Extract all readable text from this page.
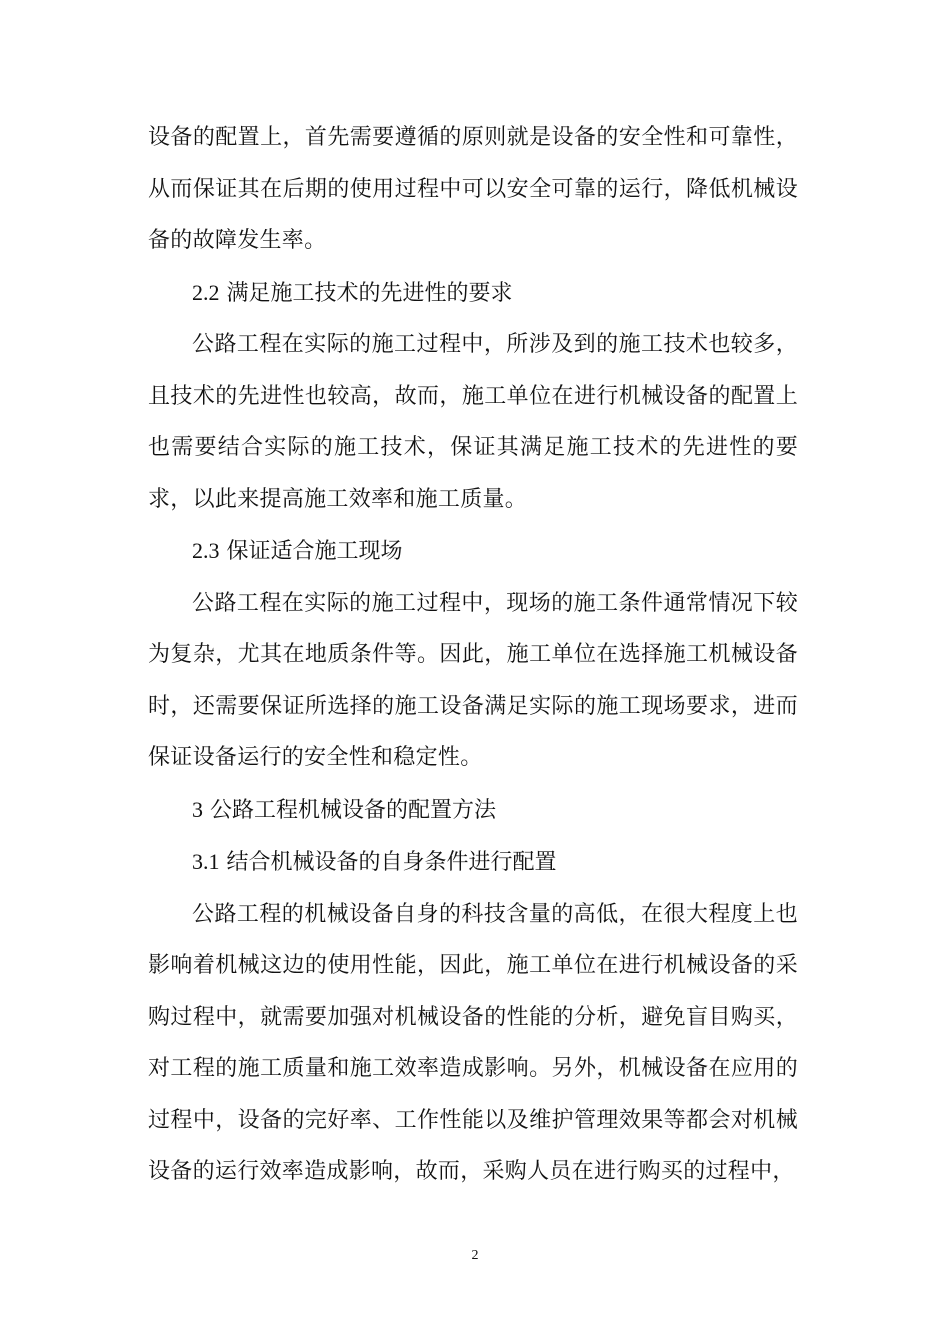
设备的配置上，首先需要遵循的原则就是设备的安全性和可靠性，从而保证其在后期的使用过程中可以安全可靠的运行，降低机械设备的故障发生率。

2.2 满足施工技术的先进性的要求

公路工程在实际的施工过程中，所涉及到的施工技术也较多，且技术的先进性也较高，故而，施工单位在进行机械设备的配置上也需要结合实际的施工技术，保证其满足施工技术的先进性的要求，以此来提高施工效率和施工质量。

2.3 保证适合施工现场

公路工程在实际的施工过程中，现场的施工条件通常情况下较为复杂，尤其在地质条件等。因此，施工单位在选择施工机械设备时，还需要保证所选择的施工设备满足实际的施工现场要求，进而保证设备运行的安全性和稳定性。

3 公路工程机械设备的配置方法

3.1 结合机械设备的自身条件进行配置

公路工程的机械设备自身的科技含量的高低，在很大程度上也影响着机械这边的使用性能，因此，施工单位在进行机械设备的采购过程中，就需要加强对机械设备的性能的分析，避免盲目购买，对工程的施工质量和施工效率造成影响。另外，机械设备在应用的过程中，设备的完好率、工作性能以及维护管理效果等都会对机械设备的运行效率造成影响，故而，采购人员在进行购买的过程中，

2
